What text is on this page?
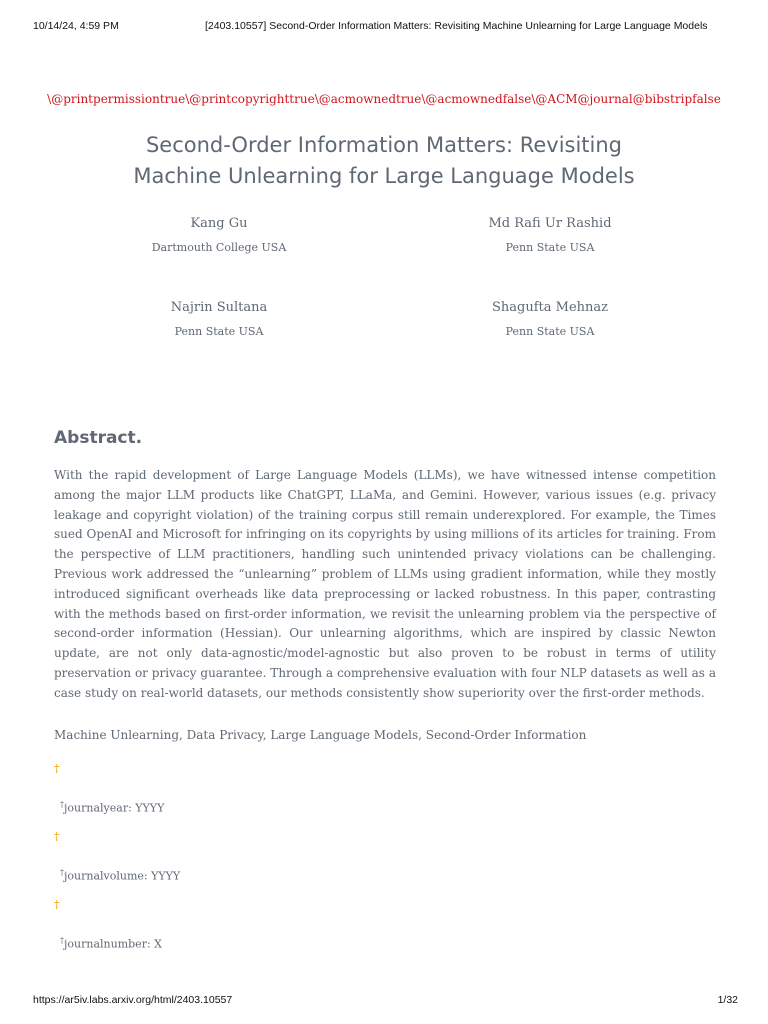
10/14/24, 4:59 PM	[2403.10557] Second-Order Information Matters: Revisiting Machine Unlearning for Large Language Models
\@printpermissiontrue\@printcopyrighttrue\@acmownedtrue\@acmownedfalse\@ACM@journal@bibstripfalse
Second-Order Information Matters: Revisiting
Machine Unlearning for Large Language Models
Kang Gu
Dartmouth College USA
Md Rafi Ur Rashid
Penn State USA
Najrin Sultana
Penn State USA
Shagufta Mehnaz
Penn State USA
Abstract.

With the rapid development of Large Language Models (LLMs), we have witnessed intense competition among the major LLM products like ChatGPT, LLaMa, and Gemini. However, various issues (e.g. privacy leakage and copyright violation) of the training corpus still remain underexplored. For example, the Times sued OpenAI and Microsoft for infringing on its copyrights by using millions of its articles for training. From the perspective of LLM practitioners, handling such unintended privacy violations can be challenging. Previous work addressed the “unlearning” problem of LLMs using gradient information, while they mostly introduced significant overheads like data preprocessing or lacked robustness. In this paper, contrasting with the methods based on first-order information, we revisit the unlearning problem via the perspective of second-order information (Hessian). Our unlearning algorithms, which are inspired by classic Newton update, are not only data-agnostic/model-agnostic but also proven to be robust in terms of utility preservation or privacy guarantee. Through a comprehensive evaluation with four NLP datasets as well as a case study on real-world datasets, our methods consistently show superiority over the first-order methods.

Machine Unlearning, Data Privacy, Large Language Models, Second-Order Information
†
†journalyear: YYYY
†
†journalvolume: YYYY
†
†journalnumber: X
https://ar5iv.labs.arxiv.org/html/2403.10557	1/32
